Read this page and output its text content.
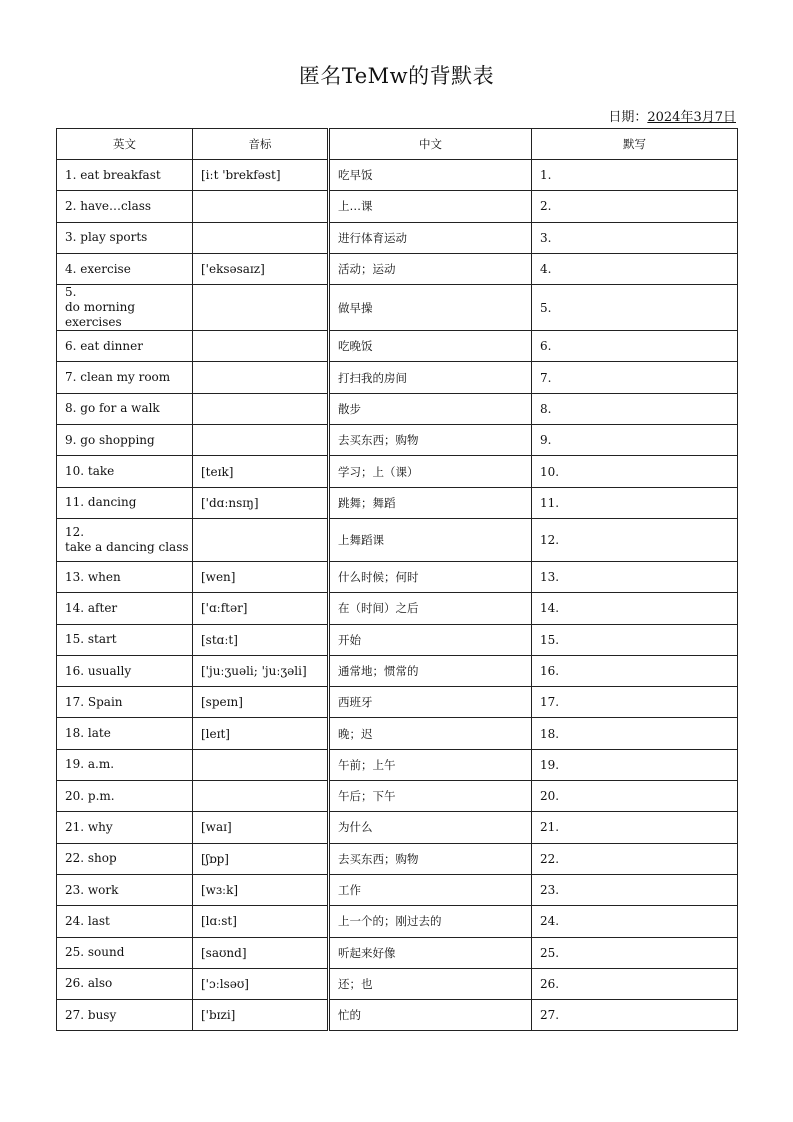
匿名TeMw的背默表
日期：2024年3月7日
英文	音标	中文	默写
1. eat breakfast	[iːt 'brekfəst]	吃早饭	1.
2. have…class		上…课	2.
3. play sports		进行体育运动	3.
4. exercise	['eksəsaɪz]	活动；运动	4.
5.
do morning exercises		做早操	5.
6. eat dinner		吃晚饭	6.
7. clean my room		打扫我的房间	7.
8. go for a walk		散步	8.
9. go shopping		去买东西；购物	9.
10. take	[teɪk]	学习；上（课）	10.
11. dancing	['dɑːnsɪŋ]	跳舞；舞蹈	11.
12.
take a dancing class		上舞蹈课	12.
13. when	[wen]	什么时候；何时	13.
14. after	['ɑːftər]	在（时间）之后	14.
15. start	[stɑːt]	开始	15.
16. usually	['juːʒuəli; 'juːʒəli]	通常地；惯常的	16.
17. Spain	[speɪn]	西班牙	17.
18. late	[leɪt]	晚；迟	18.
19. a.m.		午前；上午	19.
20. p.m.		午后；下午	20.
21. why	[waɪ]	为什么	21.
22. shop	[ʃɒp]	去买东西；购物	22.
23. work	[wɜːk]	工作	23.
24. last	[lɑːst]	上一个的；刚过去的	24.
25. sound	[saʊnd]	听起来好像	25.
26. also	['ɔːlsəʊ]	还；也	26.
27. busy	['bɪzi]	忙的	27.
